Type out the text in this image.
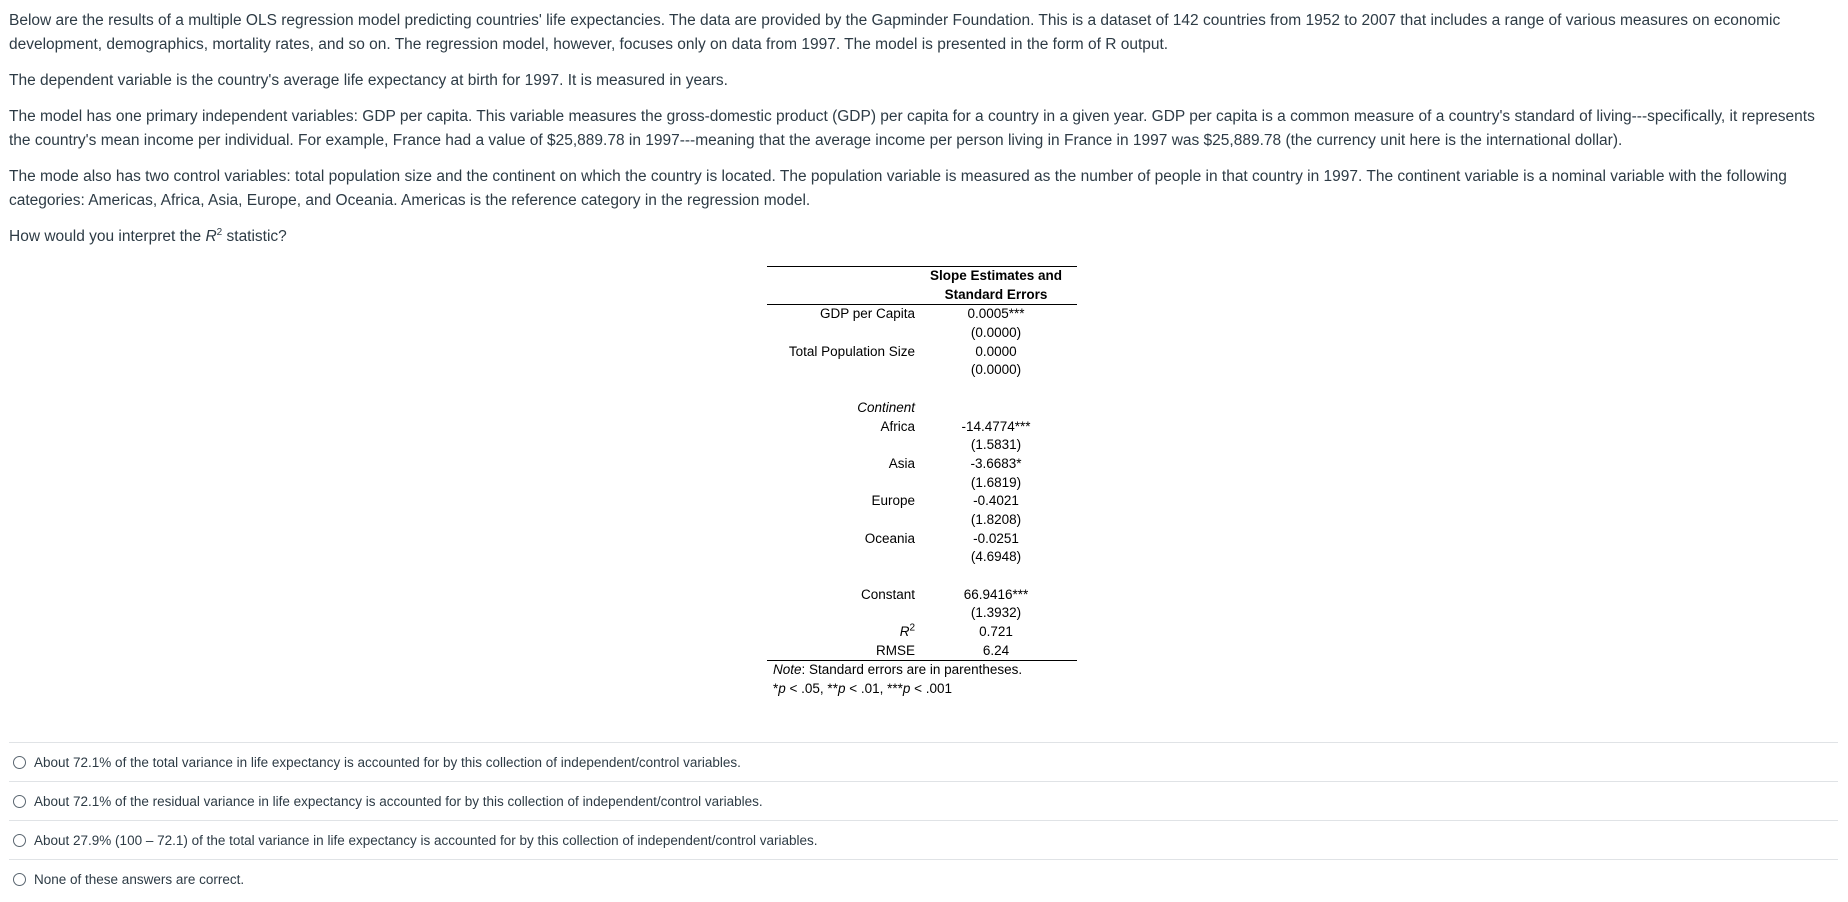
Below are the results of a multiple OLS regression model predicting countries' life expectancies. The data are provided by the Gapminder Foundation. This is a dataset of 142 countries from 1952 to 2007 that includes a range of various measures on economic development, demographics, mortality rates, and so on. The regression model, however, focuses only on data from 1997. The model is presented in the form of R output.

The dependent variable is the country's average life expectancy at birth for 1997. It is measured in years.

The model has one primary independent variables: GDP per capita. This variable measures the gross-domestic product (GDP) per capita for a country in a given year. GDP per capita is a common measure of a country's standard of living---specifically, it represents the country's mean income per individual. For example, France had a value of $25,889.78 in 1997---meaning that the average income per person living in France in 1997 was $25,889.78 (the currency unit here is the international dollar).

The mode also has two control variables: total population size and the continent on which the country is located. The population variable is measured as the number of people in that country in 1997. The continent variable is a nominal variable with the following categories: Americas, Africa, Asia, Europe, and Oceania. Americas is the reference category in the regression model.

How would you interpret the $R^2$ statistic?

Slope Estimates and
Standard Errors
GDP per Capita	0.0005***
(0.0000)
Total Population Size	0.0000
(0.0000)
Continent
Africa	-14.4774***
(1.5831)
Asia	-3.6683*
(1.6819)
Europe	-0.4021
(1.8208)
Oceania	-0.0251
(4.6948)
Constant	66.9416***
(1.3932)
$R^2$	0.721
RMSE	6.24
Note: Standard errors are in parentheses.
*p < .05, **p < .01, ***p < .001
About 72.1% of the total variance in life expectancy is accounted for by this collection of independent/control variables.
About 72.1% of the residual variance in life expectancy is accounted for by this collection of independent/control variables.
About 27.9% (100 – 72.1) of the total variance in life expectancy is accounted for by this collection of independent/control variables.
None of these answers are correct.
